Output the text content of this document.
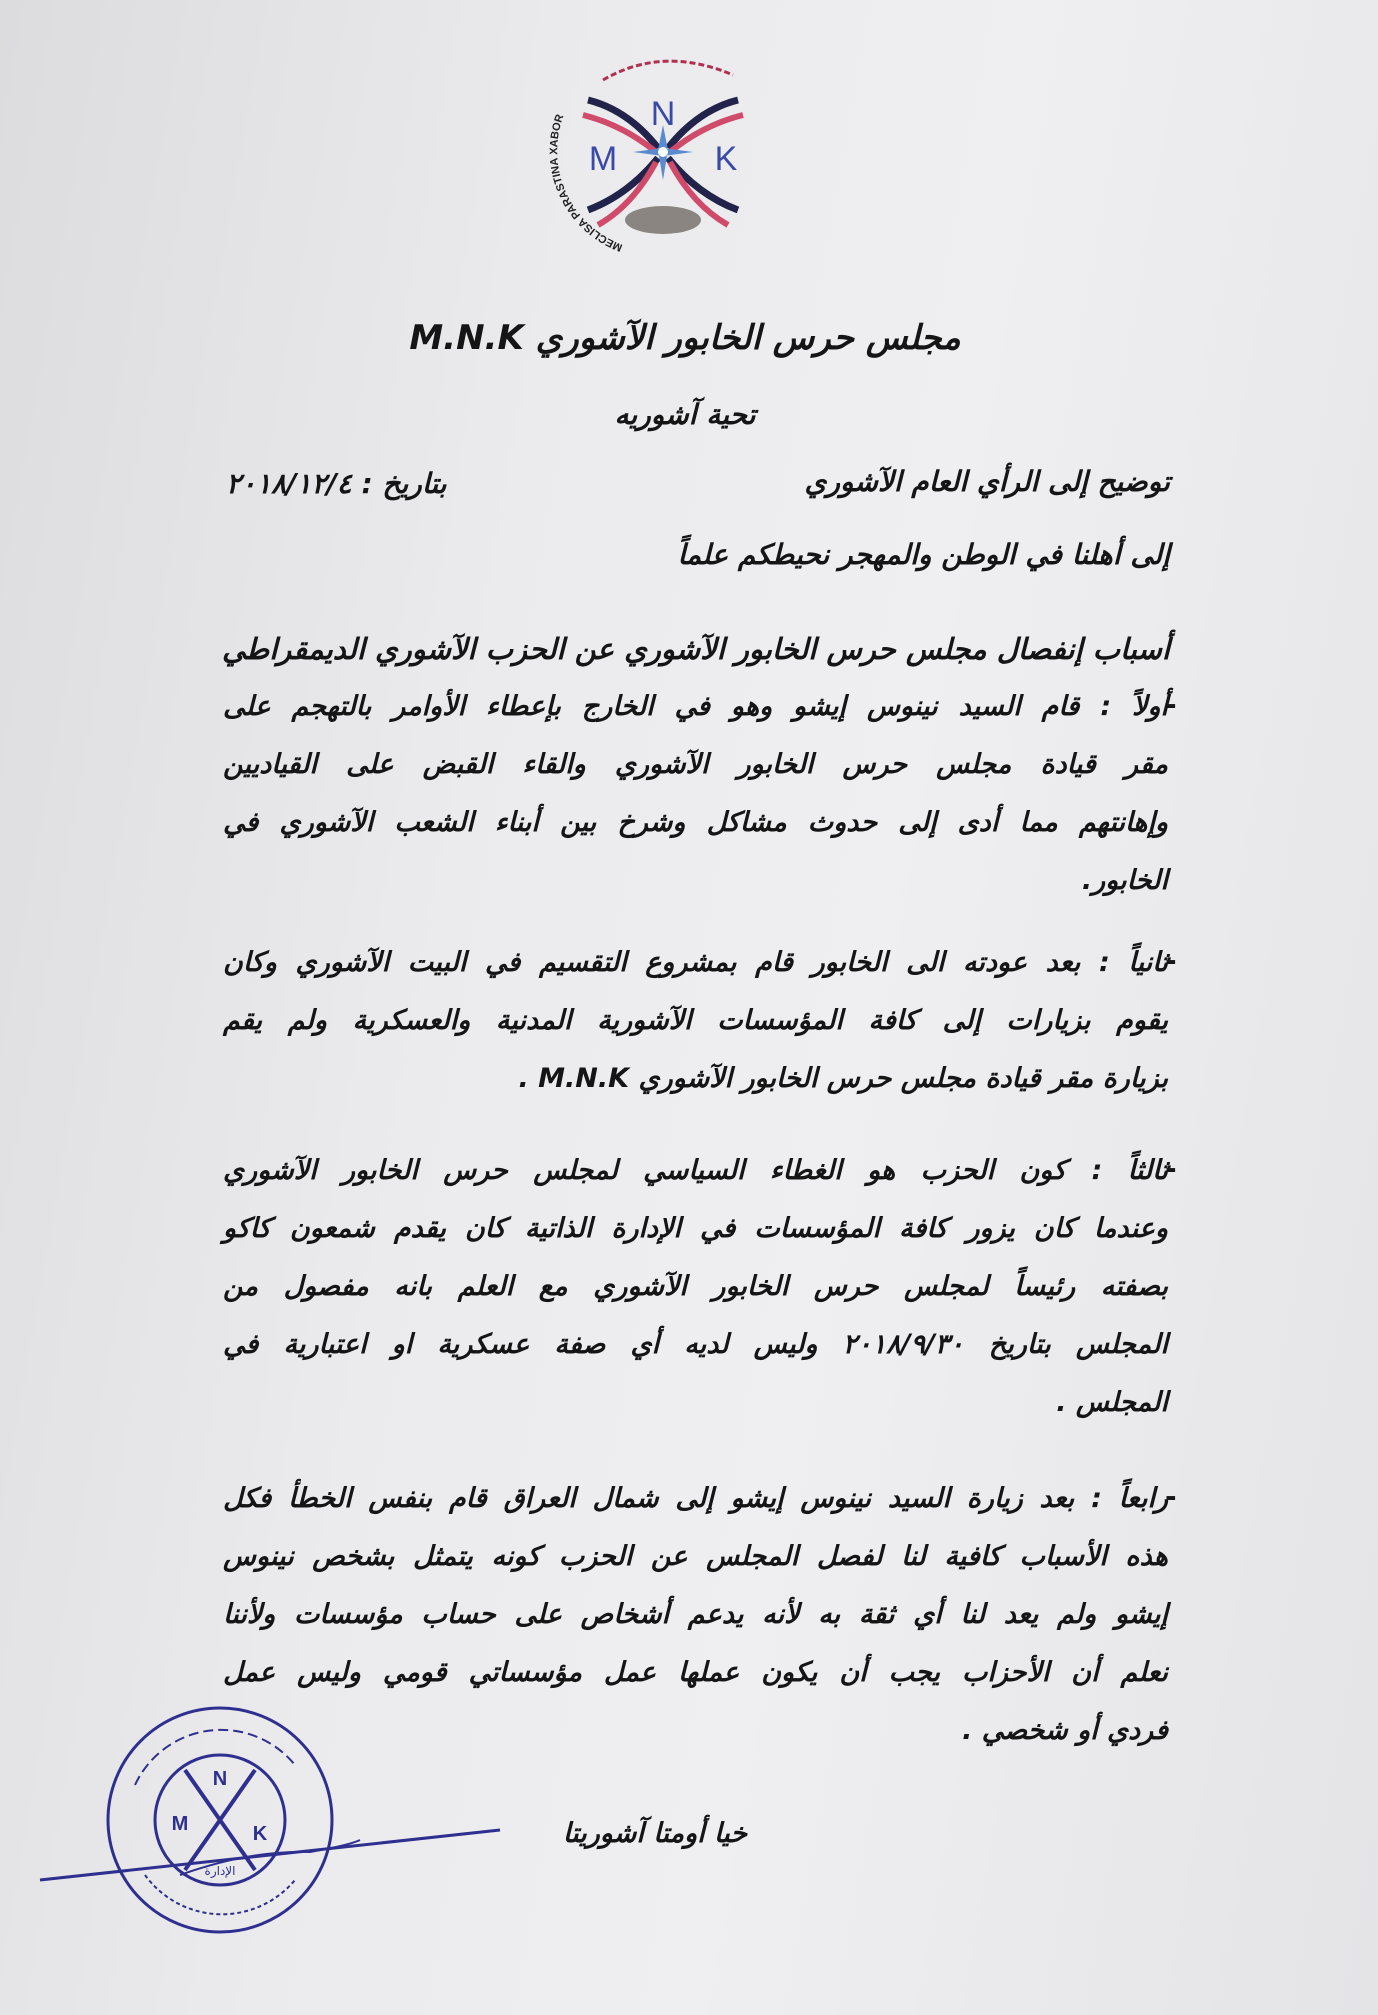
N
M	K
MECLISA PARASTINA XABOR
مجلس حرس الخابور الآشوري M.N.K
تحية آشوريه
توضيح إلى الرأي العام الآشوري
بتاريخ : ٢٠١٨/١٢/٤
إلى أهلنا في الوطن والمهجر نحيطكم علماً
أسباب إنفصال مجلس حرس الخابور الآشوري عن الحزب الآشوري الديمقراطي
-
أولاً : قام السيد نينوس إيشو وهو في الخارج بإعطاء الأوامر بالتهجم على
مقر قيادة مجلس حرس الخابور الآشوري والقاء القبض على القياديين
وإهانتهم مما أدى إلى حدوث مشاكل وشرخ بين أبناء الشعب الآشوري في
الخابور.
-
ثانياً : بعد عودته الى الخابور قام بمشروع التقسيم في البيت الآشوري وكان
يقوم بزيارات إلى كافة المؤسسات الآشورية المدنية والعسكرية ولم يقم
بزيارة مقر قيادة مجلس حرس الخابور الآشوري M.N.K .
-
ثالثاً : كون الحزب هو الغطاء السياسي لمجلس حرس الخابور الآشوري
وعندما كان يزور كافة المؤسسات في الإدارة الذاتية كان يقدم شمعون كاكو
بصفته رئيساً لمجلس حرس الخابور الآشوري مع العلم بانه مفصول من
المجلس بتاريخ ٢٠١٨/٩/٣٠ وليس لديه أي صفة عسكرية او اعتبارية في
المجلس .
-
رابعاً : بعد زيارة السيد نينوس إيشو إلى شمال العراق قام بنفس الخطأ فكل
هذه الأسباب كافية لنا لفصل المجلس عن الحزب كونه يتمثل بشخص نينوس
إيشو ولم يعد لنا أي ثقة به لأنه يدعم أشخاص على حساب مؤسسات ولأننا
نعلم أن الأحزاب يجب أن يكون عملها عمل مؤسساتي قومي وليس عمل
فردي أو شخصي .
خيا أومتا آشوريتا
N
M	K
الإدارة
